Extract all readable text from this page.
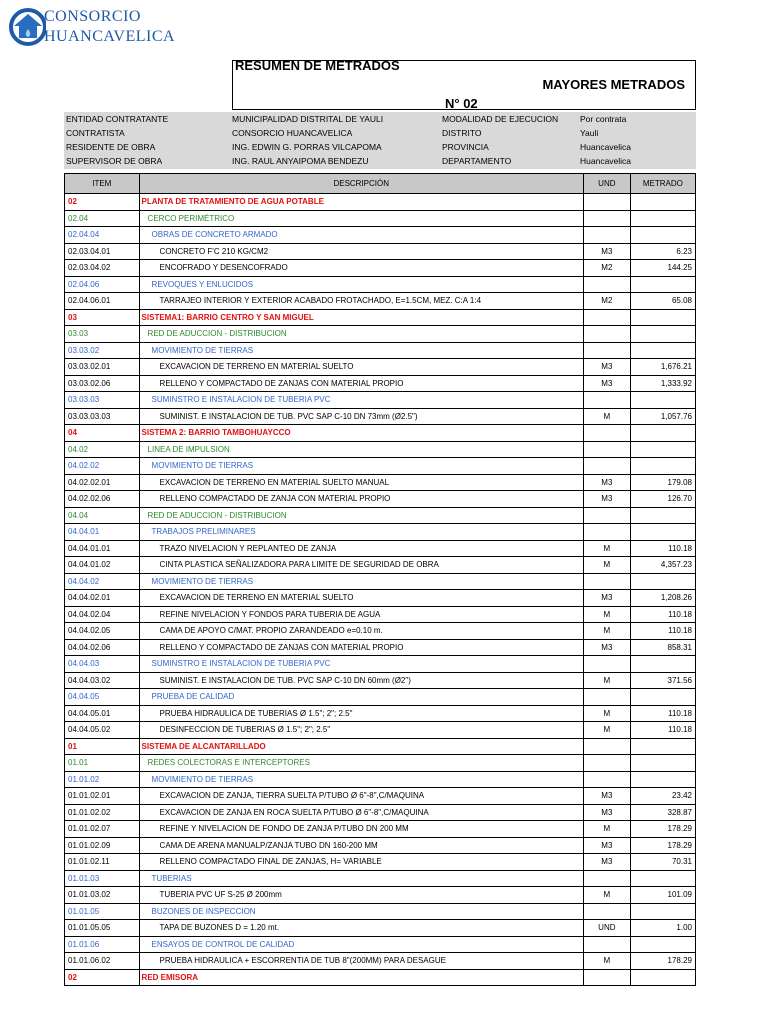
CONSORCIO
HUANCAVELICA
RESUMEN DE METRADOS
MAYORES METRADOS
N° 02
ENTIDAD CONTRATANTE	MUNICIPALIDAD DISTRITAL DE YAULI	MODALIDAD DE EJECUCION	Por contrata
CONTRATISTA	CONSORCIO HUANCAVELICA	DISTRITO	Yauli
RESIDENTE DE OBRA	ING. EDWIN G. PORRAS VILCAPOMA	PROVINCIA	Huancavelica
SUPERVISOR DE OBRA	ING. RAUL ANYAIPOMA BENDEZU	DEPARTAMENTO	Huancavelica
ITEM	DESCRIPCIÓN	UND	METRADO
02	PLANTA DE TRATAMIENTO DE AGUA POTABLE		
02.04	CERCO PERIMÉTRICO		
02.04.04	OBRAS DE CONCRETO ARMADO		
02.03.04.01	CONCRETO F'C 210 KG/CM2	M3	6.23
02.03.04.02	ENCOFRADO Y DESENCOFRADO	M2	144.25
02.04.06	REVOQUES Y ENLUCIDOS		
02.04.06.01	TARRAJEO INTERIOR Y EXTERIOR ACABADO FROTACHADO, E=1.5CM, MEZ. C:A 1:4	M2	65.08
03	SISTEMA1: BARRIO CENTRO Y SAN MIGUEL		
03.03	RED DE ADUCCION - DISTRIBUCION		
03.03.02	MOVIMIENTO DE TIERRAS		
03.03.02.01	EXCAVACION DE TERRENO EN MATERIAL SUELTO	M3	1,676.21
03.03.02.06	RELLENO Y COMPACTADO DE ZANJAS CON MATERIAL PROPIO	M3	1,333.92
03.03.03	SUMINSTRO E INSTALACION DE TUBERIA PVC		
03.03.03.03	SUMINIST. E INSTALACION DE TUB. PVC SAP C-10 DN 73mm (Ø2.5")	M	1,057.76
04	SISTEMA 2: BARRIO TAMBOHUAYCCO		
04.02	LINEA DE IMPULSION		
04.02.02	MOVIMIENTO DE TIERRAS		
04.02.02.01	EXCAVACION DE TERRENO EN MATERIAL SUELTO MANUAL	M3	179.08
04.02.02.06	RELLENO COMPACTADO DE ZANJA CON MATERIAL PROPIO	M3	126.70
04.04	RED DE ADUCCION - DISTRIBUCION		
04.04.01	TRABAJOS PRELIMINARES		
04.04.01.01	TRAZO NIVELACION Y REPLANTEO DE ZANJA	M	110.18
04.04.01.02	CINTA PLASTICA SEÑALIZADORA PARA LIMITE DE SEGURIDAD DE OBRA	M	4,357.23
04.04.02	MOVIMIENTO DE TIERRAS		
04.04.02.01	EXCAVACION DE TERRENO EN MATERIAL SUELTO	M3	1,208.26
04.04.02.04	REFINE NIVELACION Y FONDOS PARA TUBERIA DE AGUA	M	110.18
04.04.02.05	CAMA DE APOYO C/MAT. PROPIO ZARANDEADO e=0.10 m.	M	110.18
04.04.02.06	RELLENO Y COMPACTADO DE ZANJAS CON MATERIAL PROPIO	M3	858.31
04.04.03	SUMINSTRO E INSTALACION DE TUBERIA PVC		
04.04.03.02	SUMINIST. E INSTALACION DE TUB. PVC SAP C-10 DN 60mm (Ø2")	M	371.56
04.04.05	PRUEBA DE CALIDAD		
04.04.05.01	PRUEBA HIDRAULICA DE TUBERIAS Ø 1.5"; 2"; 2.5"	M	110.18
04.04.05.02	DESINFECCION DE TUBERIAS Ø 1.5"; 2"; 2.5"	M	110.18
01	SISTEMA DE ALCANTARILLADO		
01.01	REDES COLECTORAS E INTERCEPTORES		
01.01.02	MOVIMIENTO DE TIERRAS		
01.01.02.01	EXCAVACION DE ZANJA, TIERRA SUELTA P/TUBO Ø 6"-8",C/MAQUINA	M3	23.42
01.01.02.02	EXCAVACION DE ZANJA EN ROCA SUELTA P/TUBO Ø 6"-8",C/MAQUINA	M3	328.87
01.01.02.07	REFINE Y NIVELACION DE FONDO DE ZANJA P/TUBO DN 200 MM	M	178.29
01.01.02.09	CAMA DE ARENA MANUALP/ZANJA TUBO DN 160-200 MM	M3	178.29
01.01.02.11	RELLENO COMPACTADO FINAL DE ZANJAS, H= VARIABLE	M3	70.31
01.01.03	TUBERIAS		
01.01.03.02	TUBERIA PVC UF S-25 Ø 200mm	M	101.09
01.01.05	BUZONES DE INSPECCION		
01.01.05.05	TAPA DE BUZONES D = 1.20 mt.	UND	1.00
01.01.06	ENSAYOS DE CONTROL DE CALIDAD		
01.01.06.02	PRUEBA HIDRAULICA + ESCORRENTIA DE TUB 8"(200MM) PARA DESAGUE	M	178.29
02	RED EMISORA		
